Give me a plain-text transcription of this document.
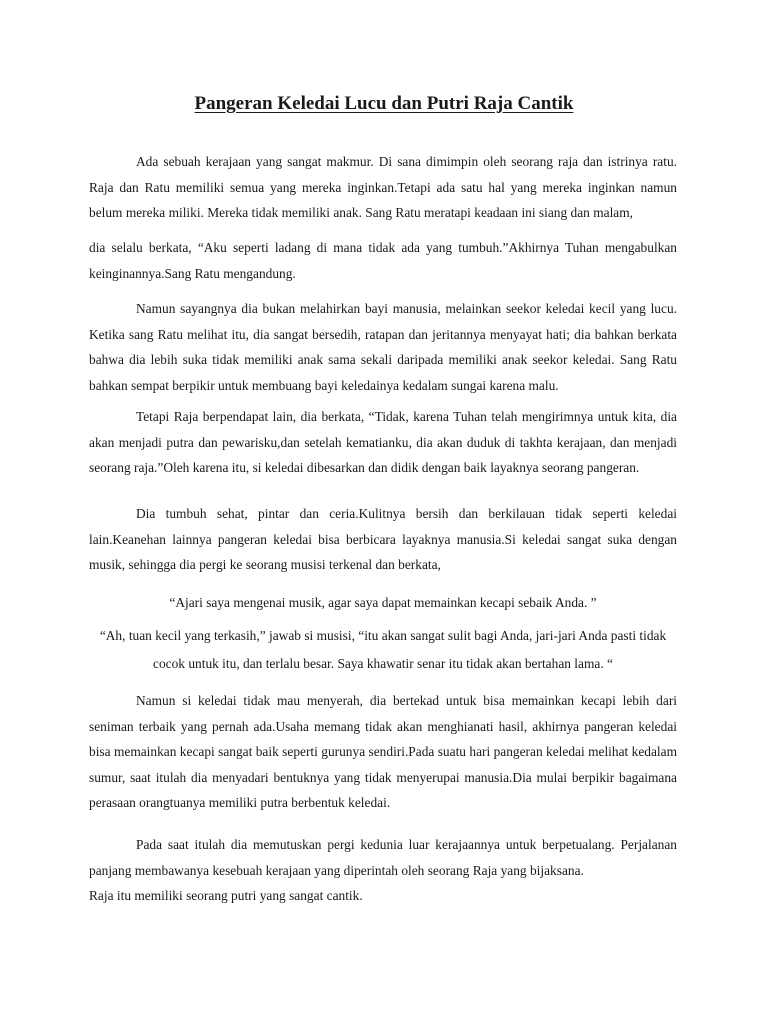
Pangeran Keledai Lucu dan Putri Raja Cantik

Ada sebuah kerajaan yang sangat makmur. Di sana dimimpin oleh seorang raja dan istrinya ratu. Raja dan Ratu memiliki semua yang mereka inginkan.Tetapi ada satu hal yang mereka inginkan namun belum mereka miliki. Mereka tidak memiliki anak. Sang Ratu meratapi keadaan ini siang dan malam,

dia selalu berkata, “Aku seperti ladang di mana tidak ada yang tumbuh.”Akhirnya Tuhan mengabulkan keinginannya.Sang Ratu mengandung.

Namun sayangnya dia bukan melahirkan bayi manusia, melainkan seekor keledai kecil yang lucu. Ketika sang Ratu melihat itu, dia sangat bersedih, ratapan dan jeritannya menyayat hati; dia bahkan berkata bahwa dia lebih suka tidak memiliki anak sama sekali daripada memiliki anak seekor keledai. Sang Ratu bahkan sempat berpikir untuk membuang bayi keledainya kedalam sungai karena malu.

Tetapi Raja berpendapat lain, dia berkata, “Tidak, karena Tuhan telah mengirimnya untuk kita, dia akan menjadi putra dan pewarisku,dan setelah kematianku, dia akan duduk di takhta kerajaan, dan menjadi seorang raja.”Oleh karena itu, si keledai dibesarkan dan didik dengan baik layaknya seorang pangeran.

Dia tumbuh sehat, pintar dan ceria.Kulitnya bersih dan berkilauan tidak seperti keledai lain.Keanehan lainnya pangeran keledai bisa berbicara layaknya manusia.Si keledai sangat suka dengan musik, sehingga dia pergi ke seorang musisi terkenal dan berkata,

“Ajari saya mengenai musik, agar saya dapat memainkan kecapi sebaik Anda. ”

“Ah, tuan kecil yang terkasih,” jawab si musisi, “itu akan sangat sulit bagi Anda, jari-jari Anda pasti tidak cocok untuk itu, dan terlalu besar. Saya khawatir senar itu tidak akan bertahan lama. “

Namun si keledai tidak mau menyerah, dia bertekad untuk bisa memainkan kecapi lebih dari seniman terbaik yang pernah ada.Usaha memang tidak akan menghianati hasil, akhirnya pangeran keledai bisa memainkan kecapi sangat baik seperti gurunya sendiri.Pada suatu hari pangeran keledai melihat kedalam sumur, saat itulah dia menyadari bentuknya yang tidak menyerupai manusia.Dia mulai berpikir bagaimana perasaan orangtuanya memiliki putra berbentuk keledai.

Pada saat itulah dia memutuskan pergi kedunia luar kerajaannya untuk berpetualang. Perjalanan panjang membawanya kesebuah kerajaan yang diperintah oleh seorang Raja yang bijaksana.

Raja itu memiliki seorang putri yang sangat cantik.
